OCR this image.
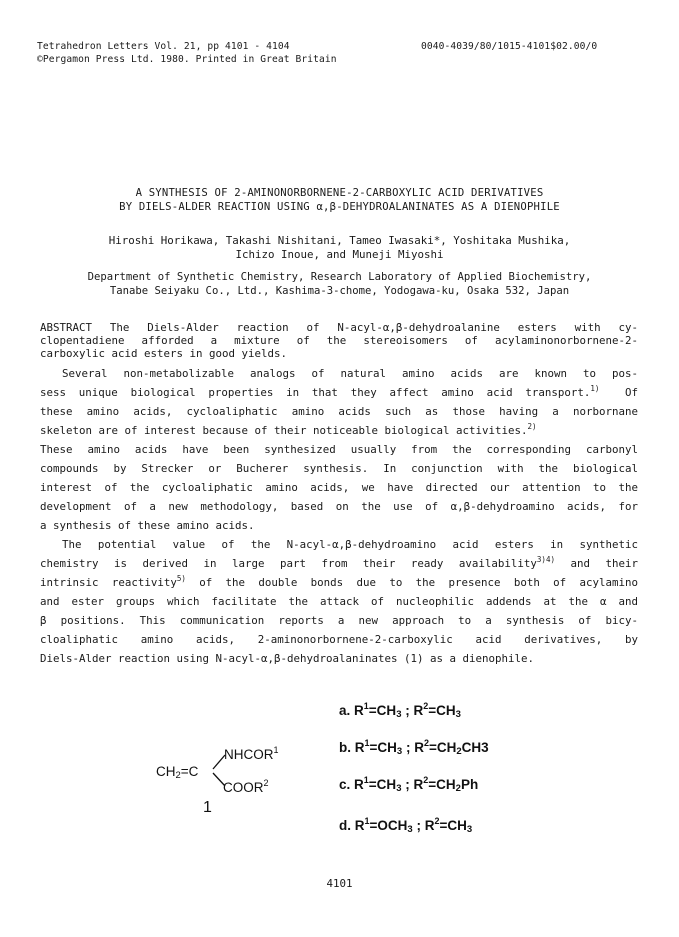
Tetrahedron Letters Vol. 21, pp 4101 - 4104
©Pergamon Press Ltd. 1980. Printed in Great Britain
0040-4039/80/1015-4101$02.00/0
A SYNTHESIS OF 2-AMINONORBORNENE-2-CARBOXYLIC ACID DERIVATIVES
BY DIELS-ALDER REACTION USING α,β-DEHYDROALANINATES AS A DIENOPHILE
Hiroshi Horikawa, Takashi Nishitani, Tameo Iwasaki*, Yoshitaka Mushika,
Ichizo Inoue, and Muneji Miyoshi
Department of Synthetic Chemistry, Research Laboratory of Applied Biochemistry,
Tanabe Seiyaku Co., Ltd., Kashima-3-chome, Yodogawa-ku, Osaka 532, Japan
ABSTRACT The Diels-Alder reaction of N-acyl-α,β-dehydroalanine esters with cy-
clopentadiene afforded a mixture of the stereoisomers of acylaminonorbornene-2-
carboxylic acid esters in good yields.
Several non-metabolizable analogs of natural amino acids are known to pos-
sess unique biological properties in that they affect amino acid transport.$^{1)}$ Of
these amino acids, cycloaliphatic amino acids such as those having a norbornane
skeleton are of interest because of their noticeable biological activities.$^{2)}$
These amino acids have been synthesized usually from the corresponding carbonyl
compounds by Strecker or Bucherer synthesis. In conjunction with the biological
interest of the cycloaliphatic amino acids, we have directed our attention to the
development of a new methodology, based on the use of α,β-dehydroamino acids, for
a synthesis of these amino acids.
The potential value of the N-acyl-α,β-dehydroamino acid esters in synthetic
chemistry is derived in large part from their ready availability$^{3)4)}$ and their
intrinsic reactivity$^{5)}$ of the double bonds due to the presence both of acylamino
and ester groups which facilitate the attack of nucleophilic addends at the α and
β positions. This communication reports a new approach to a synthesis of bicy-
cloaliphatic amino acids, 2-aminonorbornene-2-carboxylic acid derivatives, by
Diels-Alder reaction using N-acyl-α,β-dehydroalaninates (1) as a dienophile.
NHCOR$^1$
$CH_2=C$
COOR$^2$
1
a. $R^1=CH_3$ ; $R^2=CH_3$
b. $R^1=CH_3$ ; $R^2=CH_2CH3$
c. $R^1=CH_3$ ; $R^2=CH_2Ph$
d. $R^1=OCH_3$ ; $R^2=CH_3$
4101
